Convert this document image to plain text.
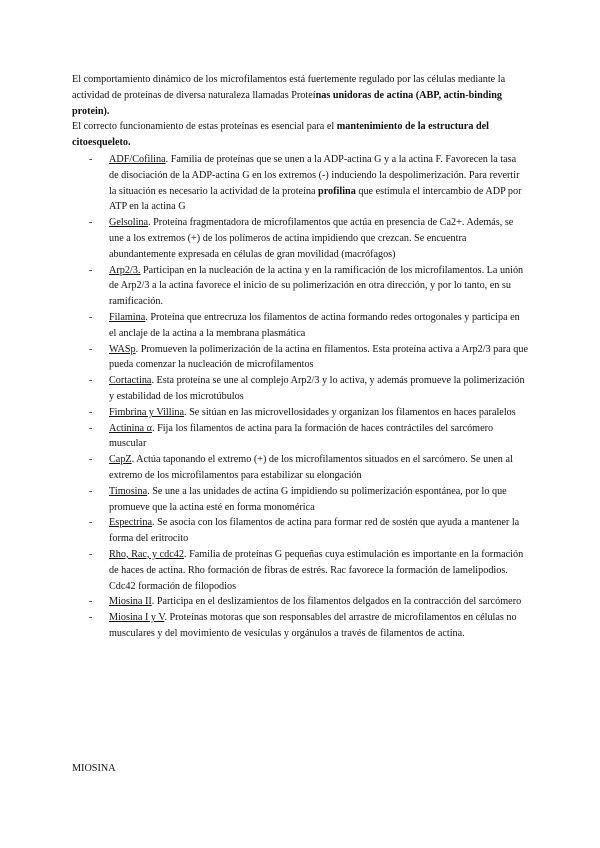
El comportamiento dinámico de los microfilamentos está fuertemente regulado por las células mediante la actividad de proteínas de diversa naturaleza llamadas Proteínas unidoras de actina (ABP, actin-binding protein).

El correcto funcionamiento de estas proteínas es esencial para el mantenimiento de la estructura del citoesqueleto.

- ADF/Cofilina. Familia de proteínas que se unen a la ADP-actina G y a la actina F. Favorecen la tasa de disociación de la ADP-actina G en los extremos (-) induciendo la despolimerización. Para revertir la situación es necesario la actividad de la proteína profilina que estimula el intercambio de ADP por ATP en la actina G
- Gelsolina. Proteína fragmentadora de microfilamentos que actúa en presencia de Ca2+. Además, se une a los extremos (+) de los polímeros de actina impidiendo que crezcan. Se encuentra abundantemente expresada en células de gran movilidad (macrófagos)
- Arp2/3. Participan en la nucleación de la actina y en la ramificación de los microfilamentos. La unión de Arp2/3 a la actina favorece el inicio de su polimerización en otra dirección, y por lo tanto, en su ramificación.
- Filamina. Proteína que entrecruza los filamentos de actina formando redes ortogonales y participa en el anclaje de la actina a la membrana plasmática
- WASp. Promueven la polimerización de la actina en filamentos. Esta proteína activa a Arp2/3 para que pueda comenzar la nucleación de microfilamentos
- Cortactina. Esta proteína se une al complejo Arp2/3 y lo activa, y además promueve la polimerización y estabilidad de los microtúbulos
- Fimbrina y Villina. Se sitúan en las microvellosidades y organizan los filamentos en haces paralelos
- Actinina α. Fija los filamentos de actina para la formación de haces contráctiles del sarcómero muscular
- CapZ. Actúa taponando el extremo (+) de los microfilamentos situados en el sarcómero. Se unen al extremo de los microfilamentos para estabilizar su elongación
- Timosina. Se une a las unidades de actina G impidiendo su polimerización espontánea, por lo que promueve que la actina esté en forma monomérica
- Espectrina. Se asocia con los filamentos de actina para formar red de sostén que ayuda a mantener la forma del eritrocito
- Rho, Rac, y cdc42. Familia de proteínas G pequeñas cuya estimulación es importante en la formación de haces de actina. Rho formación de fibras de estrés. Rac favorece la formación de lamelipodios. Cdc42 formación de filopodios
- Miosina II. Participa en el deslizamientos de los filamentos delgados en la contracción del sarcómero
- Miosina I y V. Proteínas motoras que son responsables del arrastre de microfilamentos en células no musculares y del movimiento de vesículas y orgánulos a través de filamentos de actina.
MIOSINA
